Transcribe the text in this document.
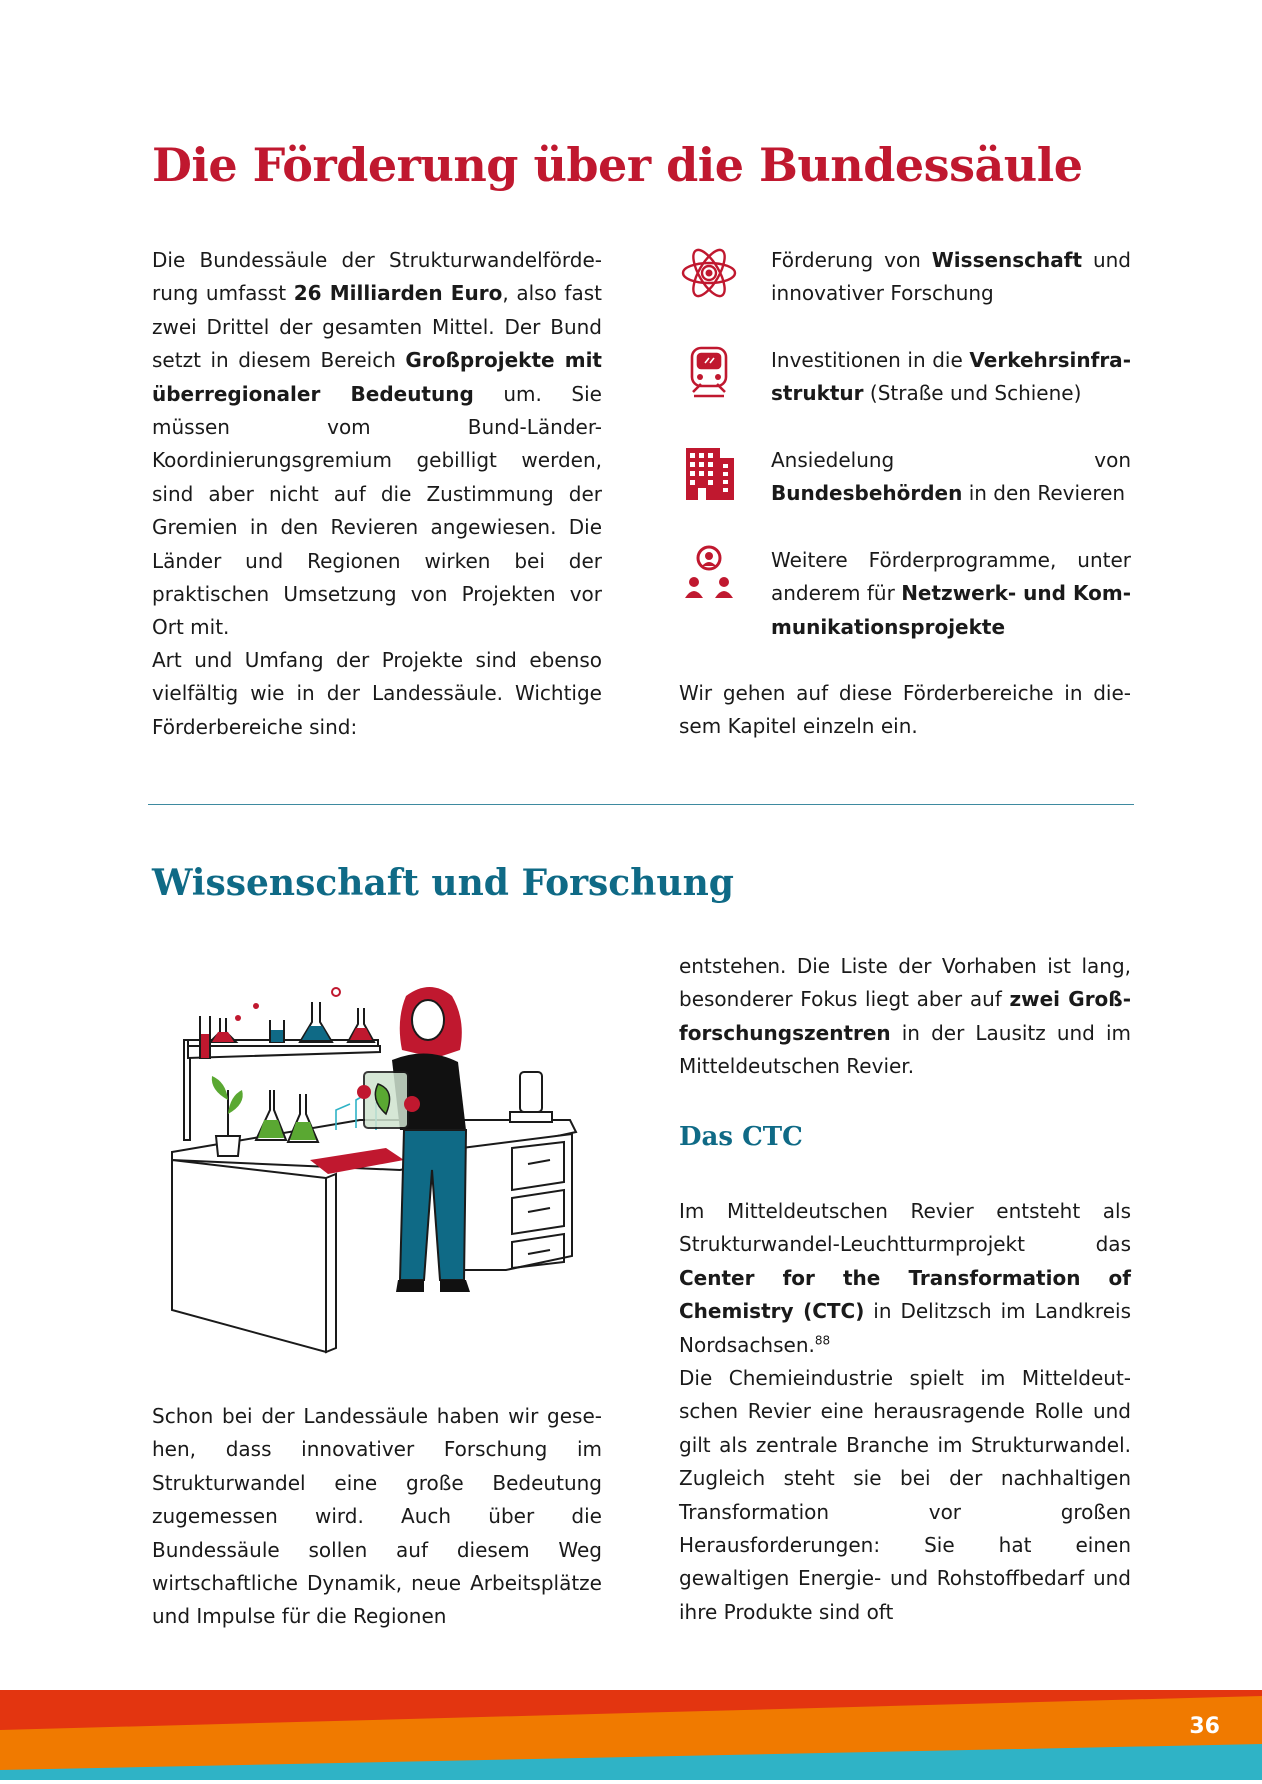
Die Förderung über die Bundessäule

Die Bundessäule der Strukturwandelförderung umfasst 26 Milliarden Euro, also fast zwei Drittel der gesamten Mittel. Der Bund setzt in diesem Bereich Großprojekte mit überregionaler Bedeutung um. Sie müssen vom Bund-Länder-Koordinierungsgremium gebilligt werden, sind aber nicht auf die Zustimmung der Gremien in den Revieren angewiesen. Die Länder und Regionen wirken bei der praktischen Umsetzung von Projekten vor Ort mit.

Art und Umfang der Projekte sind ebenso vielfältig wie in der Landessäule. Wichtige Förderbereiche sind:

Förderung von Wissenschaft und innovativer Forschung

Investitionen in die Verkehrsinfrastruktur (Straße und Schiene)

Ansiedelung von Bundesbehörden in den Revieren

Weitere Förderprogramme, unter anderem für Netzwerk- und Kommunikationsprojekte

Wir gehen auf diese Förderbereiche in diesem Kapitel einzeln ein.

Wissenschaft und Forschung

Schon bei der Landessäule haben wir gesehen, dass innovativer Forschung im Strukturwandel eine große Bedeutung zugemessen wird. Auch über die Bundessäule sollen auf diesem Weg wirtschaftliche Dynamik, neue Arbeitsplätze und Impulse für die Regionen

entstehen. Die Liste der Vorhaben ist lang, besonderer Fokus liegt aber auf zwei Großforschungszentren in der Lausitz und im Mitteldeutschen Revier.

Das CTC

Im Mitteldeutschen Revier entsteht als Strukturwandel-Leuchtturmprojekt das Center for the Transformation of Chemistry (CTC) in Delitzsch im Landkreis Nordsachsen.$^{88}$

Die Chemieindustrie spielt im Mitteldeutschen Revier eine herausragende Rolle und gilt als zentrale Branche im Strukturwandel. Zugleich steht sie bei der nachhaltigen Transformation vor großen Herausforderungen: Sie hat einen gewaltigen Energie- und Rohstoffbedarf und ihre Produkte sind oft

36
